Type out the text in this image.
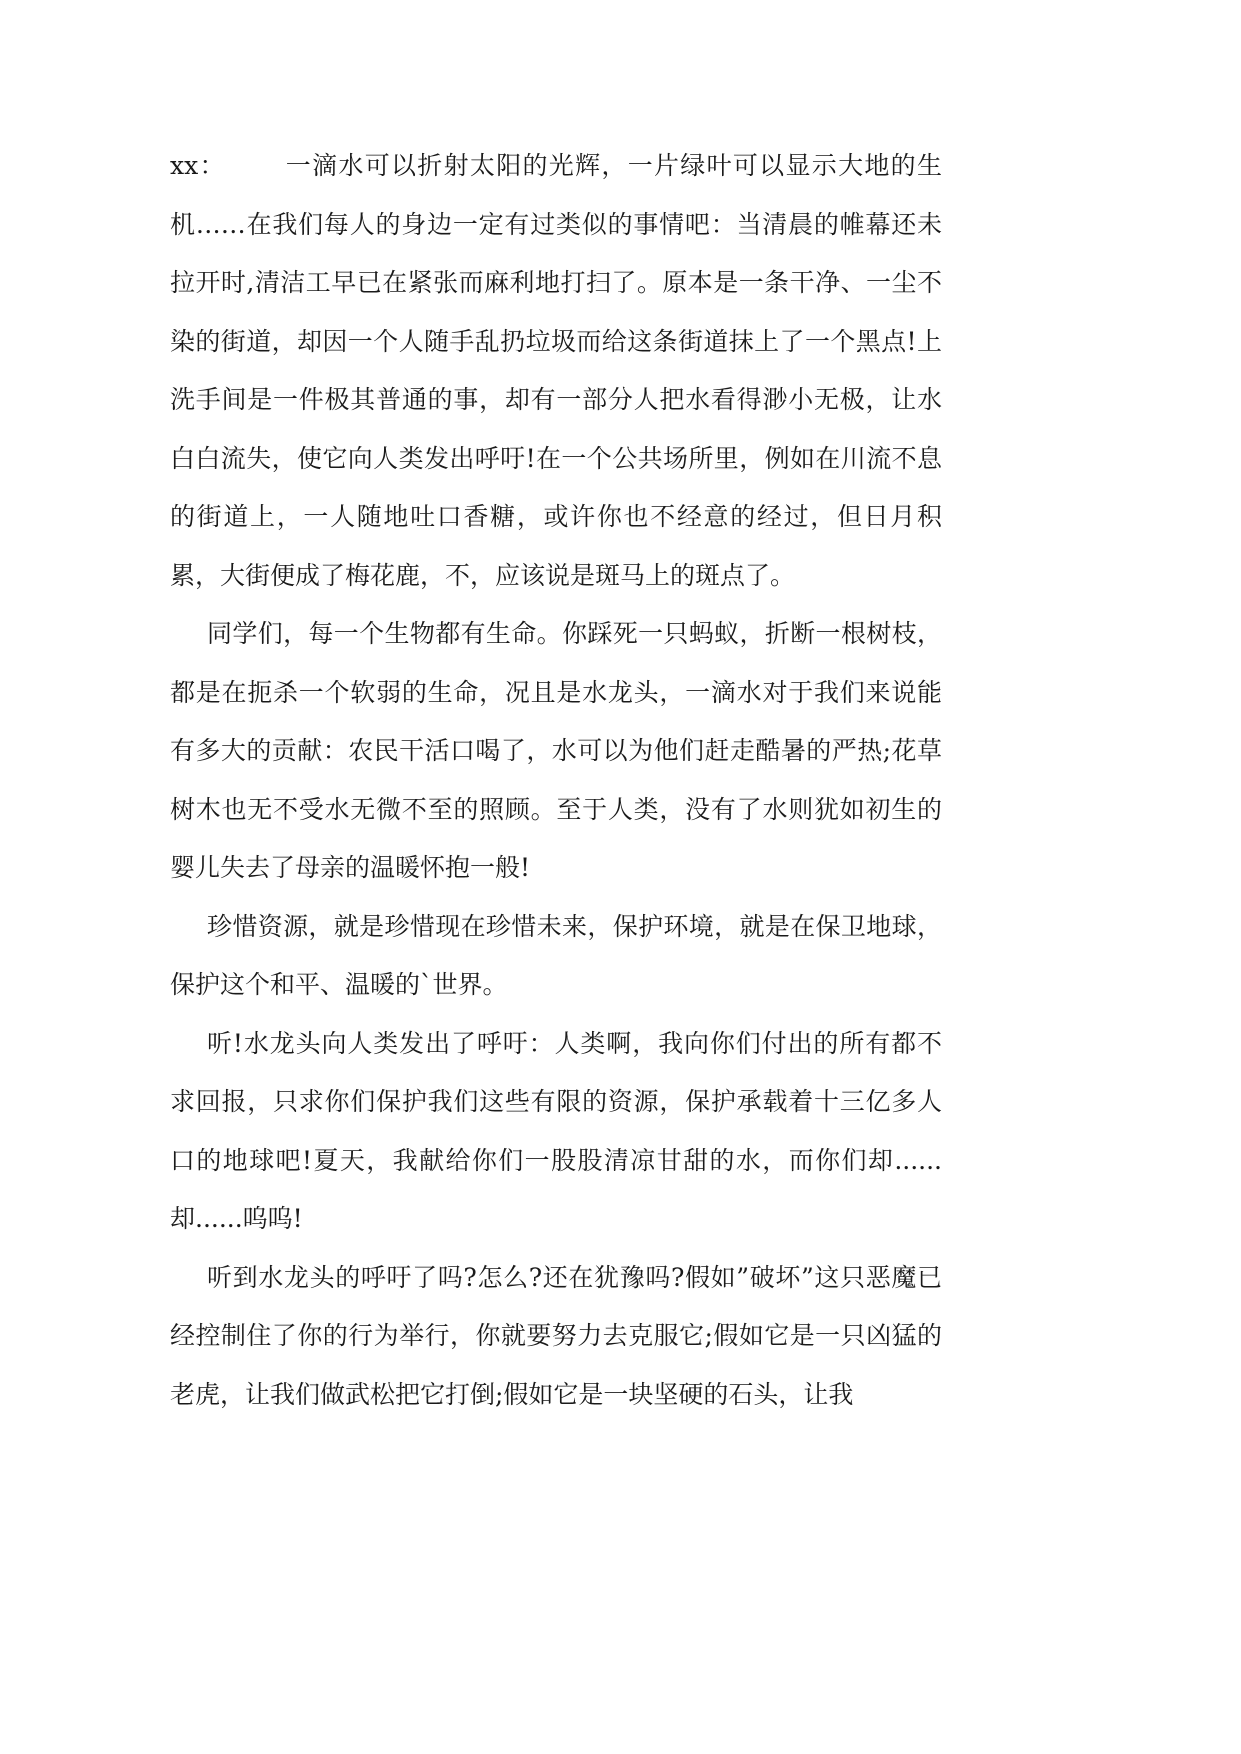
xx： 一滴水可以折射太阳的光辉，一片绿叶可以显示大地的生机……在我们每人的身边一定有过类似的事情吧：当清晨的帷幕还未拉开时,清洁工早已在紧张而麻利地打扫了。原本是一条干净、一尘不染的街道，却因一个人随手乱扔垃圾而给这条街道抹上了一个黑点!上洗手间是一件极其普通的事，却有一部分人把水看得渺小无极，让水白白流失，使它向人类发出呼吁!在一个公共场所里，例如在川流不息的街道上，一人随地吐口香糖，或许你也不经意的经过，但日月积累，大街便成了梅花鹿，不，应该说是斑马上的斑点了。

同学们，每一个生物都有生命。你踩死一只蚂蚁，折断一根树枝，都是在扼杀一个软弱的生命，况且是水龙头，一滴水对于我们来说能有多大的贡献：农民干活口喝了，水可以为他们赶走酷暑的严热;花草树木也无不受水无微不至的照顾。至于人类，没有了水则犹如初生的婴儿失去了母亲的温暖怀抱一般!

珍惜资源，就是珍惜现在珍惜未来，保护环境，就是在保卫地球，保护这个和平、温暖的`世界。

听!水龙头向人类发出了呼吁：人类啊，我向你们付出的所有都不求回报，只求你们保护我们这些有限的资源，保护承载着十三亿多人口的地球吧!夏天，我献给你们一股股清凉甘甜的水，而你们却......却......呜呜!

听到水龙头的呼吁了吗?怎么?还在犹豫吗?假如”破坏”这只恶魔已经控制住了你的行为举行，你就要努力去克服它;假如它是一只凶猛的老虎，让我们做武松把它打倒;假如它是一块坚硬的石头，让我
